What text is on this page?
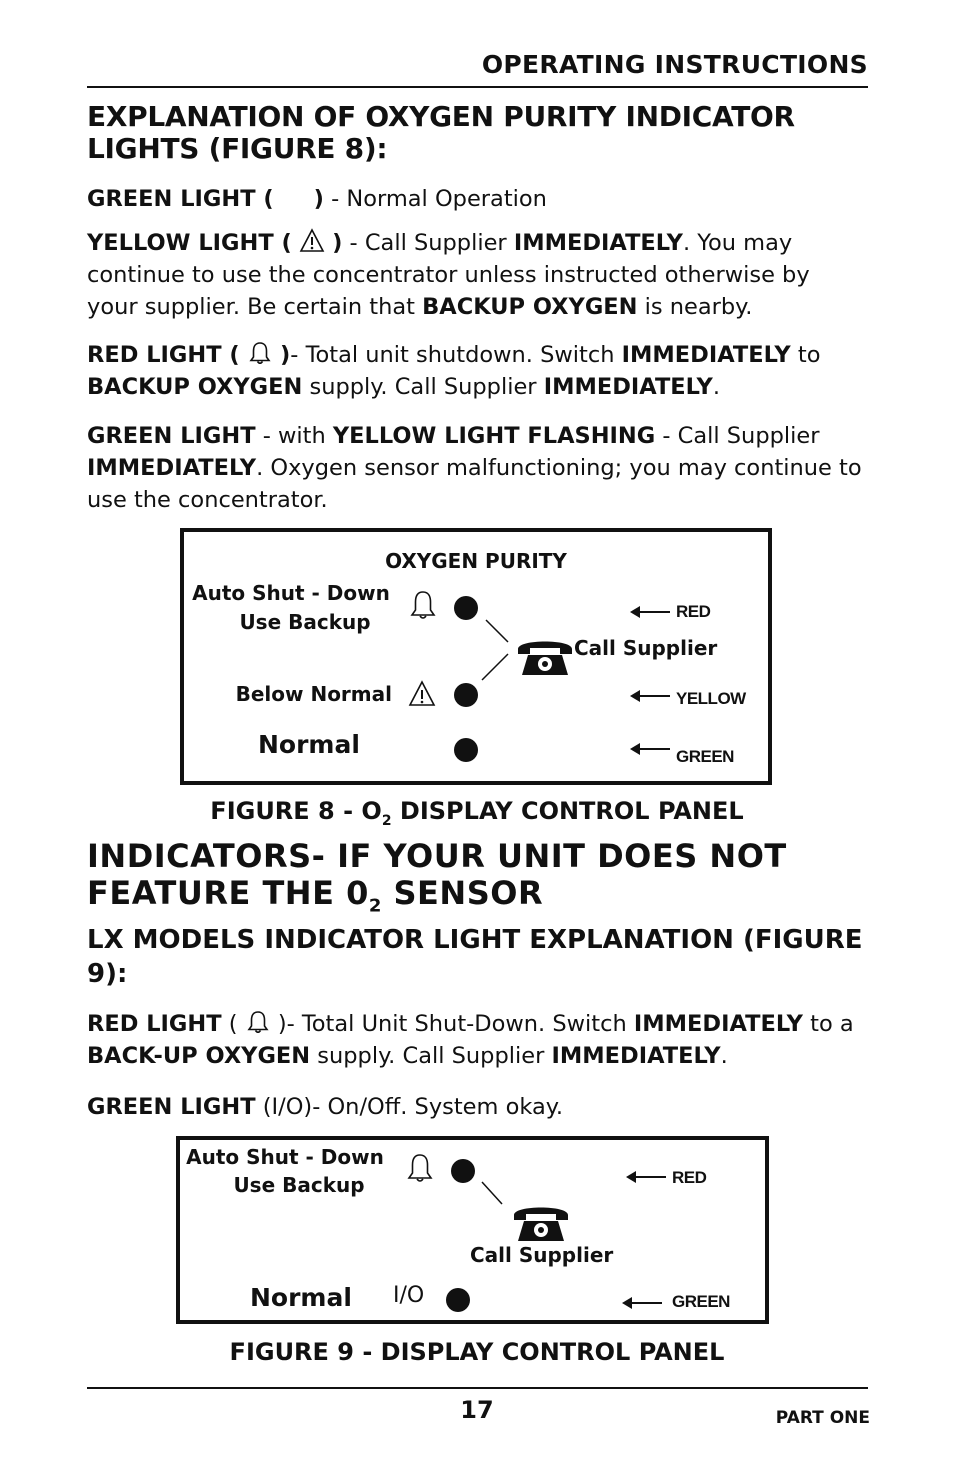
OPERATING INSTRUCTIONS
EXPLANATION OF OXYGEN PURITY INDICATOR LIGHTS (FIGURE 8):
GREEN LIGHT ( ) - Normal Operation
YELLOW LIGHT ( ) - Call Supplier IMMEDIATELY. You may continue to use the concentrator unless instructed otherwise by your supplier. Be certain that BACKUP OXYGEN is nearby.
RED LIGHT ( )- Total unit shutdown. Switch IMMEDIATELY to BACKUP OXYGEN supply. Call Supplier IMMEDIATELY.
GREEN LIGHT - with YELLOW LIGHT FLASHING - Call Supplier IMMEDIATELY. Oxygen sensor malfunctioning; you may continue to use the concentrator.
OXYGEN PURITY
Auto Shut - Down
Use Backup	RED
Call Supplier
Below Normal	YELLOW
Normal	GREEN
FIGURE $8 - O_2$ DISPLAY CONTROL PANEL
INDICATORS- IF YOUR UNIT DOES NOT
FEATURE THE $0_2$ SENSOR
LX MODELS INDICATOR LIGHT EXPLANATION (FIGURE 9):
RED LIGHT ( )- Total Unit Shut-Down. Switch IMMEDIATELY to a BACK-UP OXYGEN supply. Call Supplier IMMEDIATELY.
GREEN LIGHT (I/O)- On/Off. System okay.
Auto Shut - Down
Use Backup	RED
Call Supplier
Normal I/O	GREEN
FIGURE 9 - DISPLAY CONTROL PANEL
17	PART ONE
